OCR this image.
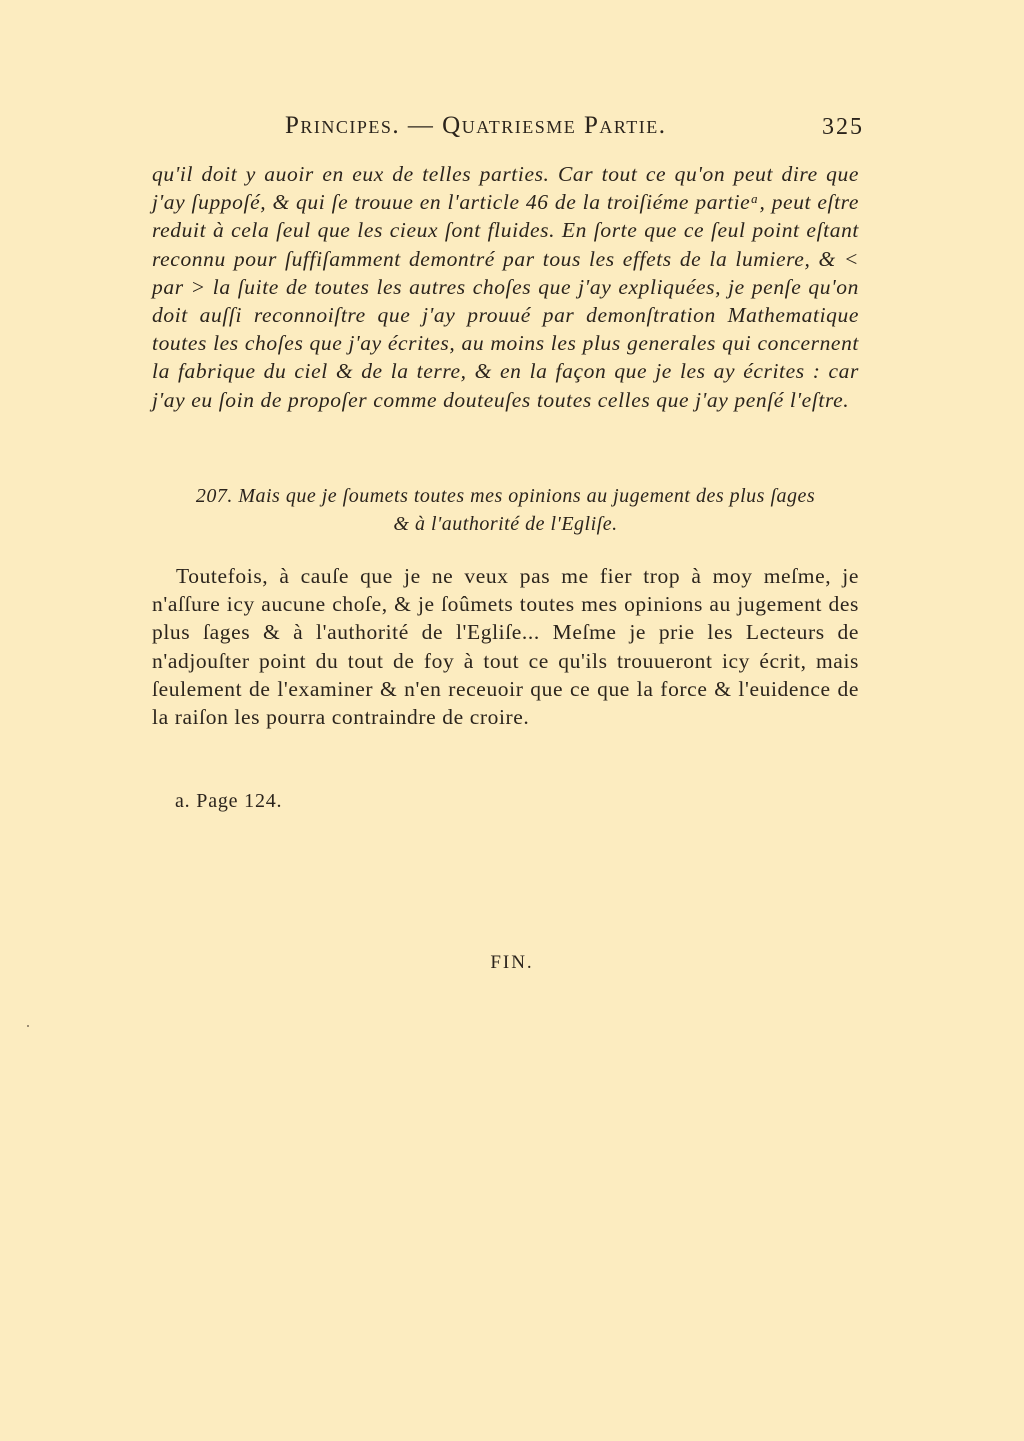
Principes. — Quatriesme Partie.	325

qu'il doit y auoir en eux de telles parties. Car tout ce qu'on peut dire que j'ay ſuppoſé, & qui ſe trouue en l'article 46 de la troiſiéme partieᵃ, peut eſtre reduit à cela ſeul que les cieux ſont fluides. En ſorte que ce ſeul point eſtant reconnu pour ſuffiſamment demontré par tous les effets de la lumiere, & < par > la ſuite de toutes les autres choſes que j'ay expliquées, je penſe qu'on doit auſſi reconnoiſtre que j'ay prouué par demonſtration Mathematique toutes les choſes que j'ay écrites, au moins les plus generales qui concernent la fabrique du ciel & de la terre, & en la façon que je les ay écrites : car j'ay eu ſoin de propoſer comme douteuſes toutes celles que j'ay penſé l'eſtre.

207. Mais que je ſoumets toutes mes opinions au jugement des plus ſages
& à l'authorité de l'Egliſe.

Toutefois, à cauſe que je ne veux pas me fier trop à moy meſme, je n'aſſure icy aucune choſe, & je ſoûmets toutes mes opinions au jugement des plus ſages & à l'authorité de l'Egliſe... Meſme je prie les Lecteurs de n'adjouſter point du tout de foy à tout ce qu'ils trouueront icy écrit, mais ſeulement de l'examiner & n'en receuoir que ce que la force & l'euidence de la raiſon les pourra contraindre de croire.

a. Page 124.
FIN.
